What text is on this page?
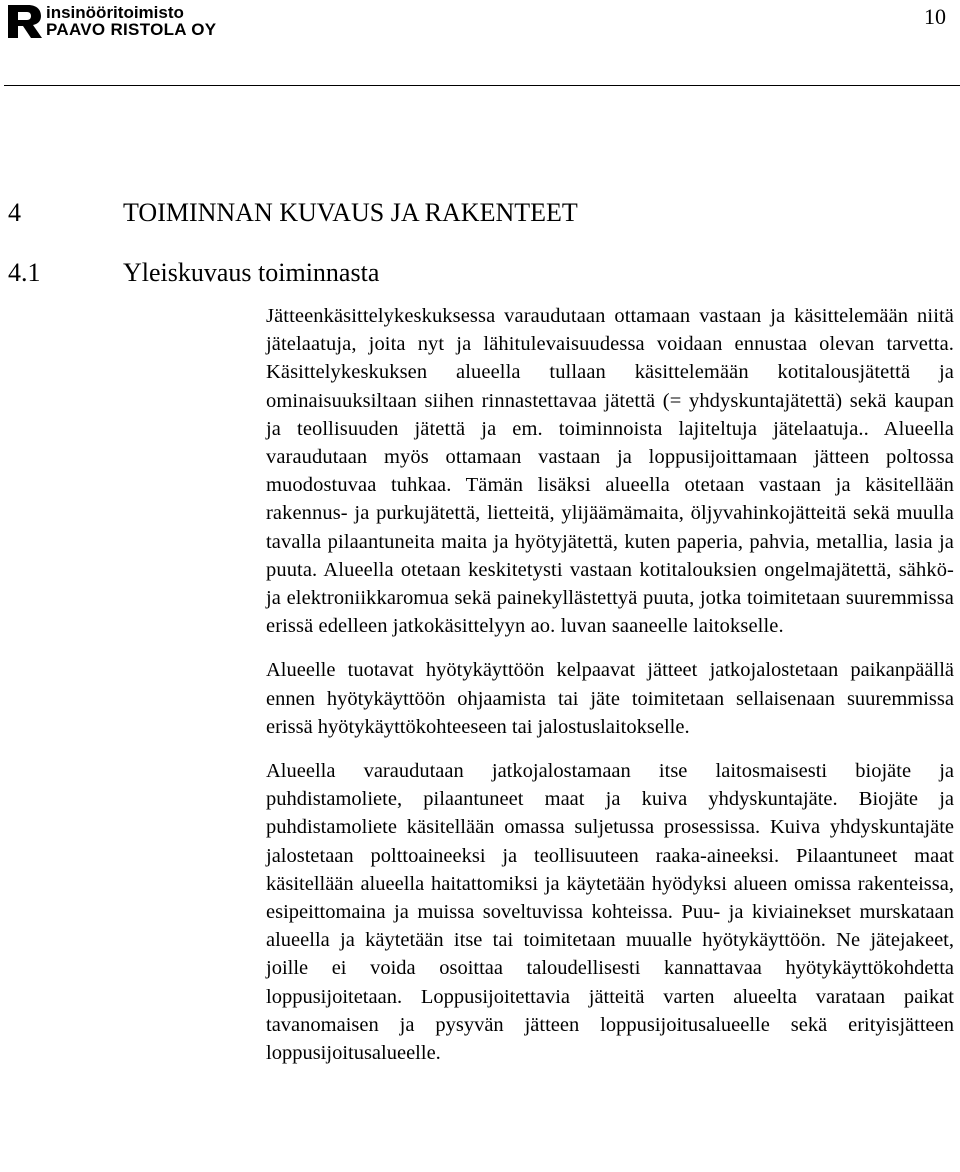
insinööritoimisto
PAAVO RISTOLA OY
10
4	TOIMINNAN KUVAUS JA RAKENTEET
4.1	Yleiskuvaus toiminnasta

Jätteenkäsittelykeskuksessa varaudutaan ottamaan vastaan ja käsittelemään niitä jätelaatuja, joita nyt ja lähitulevaisuudessa voidaan ennustaa olevan tarvetta. Käsittelykeskuksen alueella tullaan käsittelemään kotitalousjätettä ja ominaisuuksiltaan siihen rinnastettavaa jätettä (= yhdyskuntajätettä) sekä kaupan ja teollisuuden jätettä ja em. toiminnoista lajiteltuja jätelaatuja.. Alueella varaudutaan myös ottamaan vastaan ja loppusijoittamaan jätteen poltossa muodostuvaa tuhkaa. Tämän lisäksi alueella otetaan vastaan ja käsitellään rakennus- ja purkujätettä, lietteitä, ylijäämämaita, öljyvahinkojätteitä sekä muulla tavalla pilaantuneita maita ja hyötyjätettä, kuten paperia, pahvia, metallia, lasia ja puuta. Alueella otetaan keskitetysti vastaan kotitalouksien ongelmajätettä, sähkö- ja elektroniikkaromua sekä painekyllästettyä puuta, jotka toimitetaan suuremmissa erissä edelleen jatkokäsittelyyn ao. luvan saaneelle laitokselle.

Alueelle tuotavat hyötykäyttöön kelpaavat jätteet jatkojalostetaan paikanpäällä ennen hyötykäyttöön ohjaamista tai jäte toimitetaan sellaisenaan suuremmissa erissä hyötykäyttökohteeseen tai jalostuslaitokselle.

Alueella varaudutaan jatkojalostamaan itse laitosmaisesti biojäte ja puhdistamoliete, pilaantuneet maat ja kuiva yhdyskuntajäte. Biojäte ja puhdistamoliete käsitellään omassa suljetussa prosessissa. Kuiva yhdyskuntajäte jalostetaan polttoaineeksi ja teollisuuteen raaka-aineeksi. Pilaantuneet maat käsitellään alueella haitattomiksi ja käytetään hyödyksi alueen omissa rakenteissa, esipeittomaina ja muissa soveltuvissa kohteissa. Puu- ja kiviainekset murskataan alueella ja käytetään itse tai toimitetaan muualle hyötykäyttöön. Ne jätejakeet, joille ei voida osoittaa taloudellisesti kannattavaa hyötykäyttökohdetta loppusijoitetaan. Loppusijoitettavia jätteitä varten alueelta varataan paikat tavanomaisen ja pysyvän jätteen loppusijoitusalueelle sekä erityisjätteen loppusijoitusalueelle.
